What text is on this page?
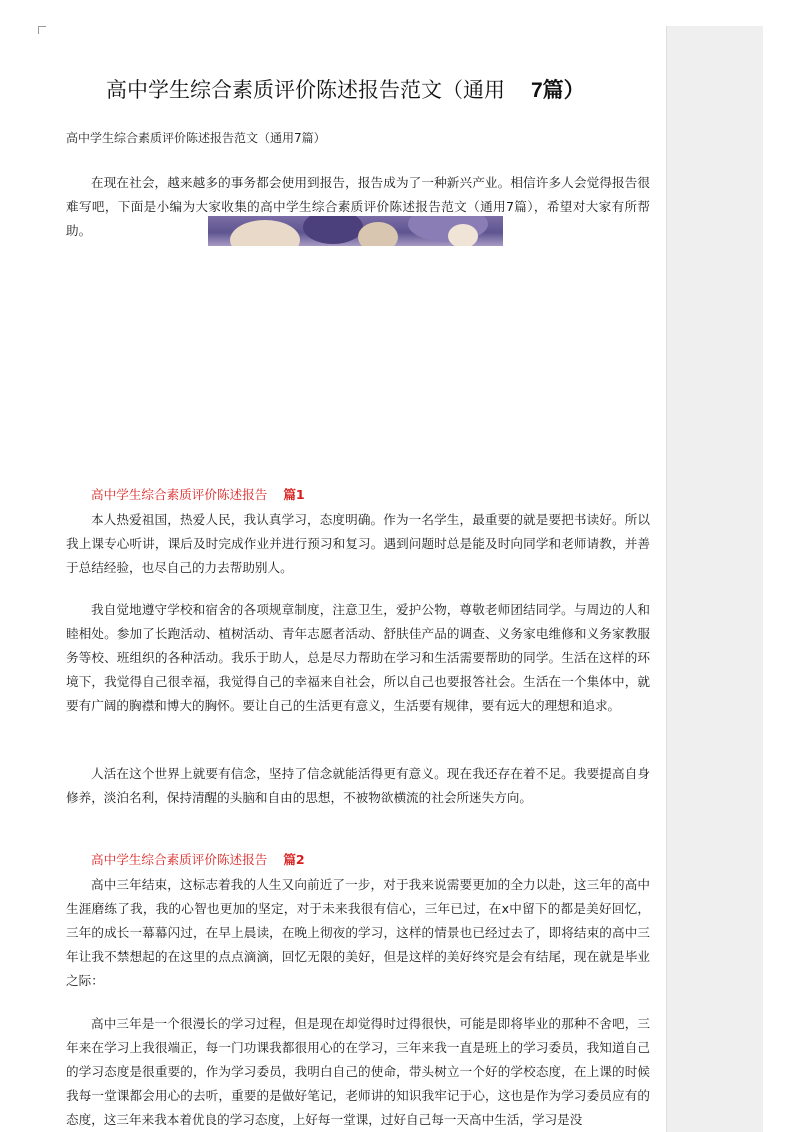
高中学生综合素质评价陈述报告范文（通用 7篇）
高中学生综合素质评价陈述报告范文（通用7篇）

在现在社会，越来越多的事务都会使用到报告，报告成为了一种新兴产业。相信许多人会觉得报告很难写吧，下面是小编为大家收集的高中学生综合素质评价陈述报告范文（通用7篇），希望对大家有所帮助。

高中学生综合素质评价陈述报告 篇1

本人热爱祖国，热爱人民，我认真学习，态度明确。作为一名学生，最重要的就是要把书读好。所以我上课专心听讲，课后及时完成作业并进行预习和复习。遇到问题时总是能及时向同学和老师请教，并善于总结经验，也尽自己的力去帮助别人。

我自觉地遵守学校和宿舍的各项规章制度，注意卫生，爱护公物，尊敬老师团结同学。与周边的人和睦相处。参加了长跑活动、植树活动、青年志愿者活动、舒肤佳产品的调查、义务家电维修和义务家教服务等校、班组织的各种活动。我乐于助人，总是尽力帮助在学习和生活需要帮助的同学。生活在这样的环境下，我觉得自己很幸福，我觉得自己的幸福来自社会，所以自己也要报答社会。生活在一个集体中，就要有广阔的胸襟和博大的胸怀。要让自己的生活更有意义，生活要有规律，要有远大的理想和追求。

人活在这个世界上就要有信念，坚持了信念就能活得更有意义。现在我还存在着不足。我要提高自身修养，淡泊名利，保持清醒的头脑和自由的思想，不被物欲横流的社会所迷失方向。

高中学生综合素质评价陈述报告 篇2

高中三年结束，这标志着我的人生又向前近了一步，对于我来说需要更加的全力以赴，这三年的高中生涯磨练了我，我的心智也更加的坚定，对于未来我很有信心，三年已过，在x中留下的都是美好回忆，三年的成长一幕幕闪过，在早上晨读，在晚上彻夜的学习，这样的情景也已经过去了，即将结束的高中三年让我不禁想起的在这里的点点滴滴，回忆无限的美好，但是这样的美好终究是会有结尾，现在就是毕业之际：

高中三年是一个很漫长的学习过程，但是现在却觉得时过得很快，可能是即将毕业的那种不舍吧，三年来在学习上我很端正，每一门功课我都很用心的在学习，三年来我一直是班上的学习委员，我知道自己的学习态度是很重要的，作为学习委员，我明白自己的使命，带头树立一个好的学校态度，在上课的时候我每一堂课都会用心的去听，重要的是做好笔记，老师讲的知识我牢记于心，这也是作为学习委员应有的态度，这三年来我本着优良的学习态度，上好每一堂课，过好自己每一天高中生活，学习是没
